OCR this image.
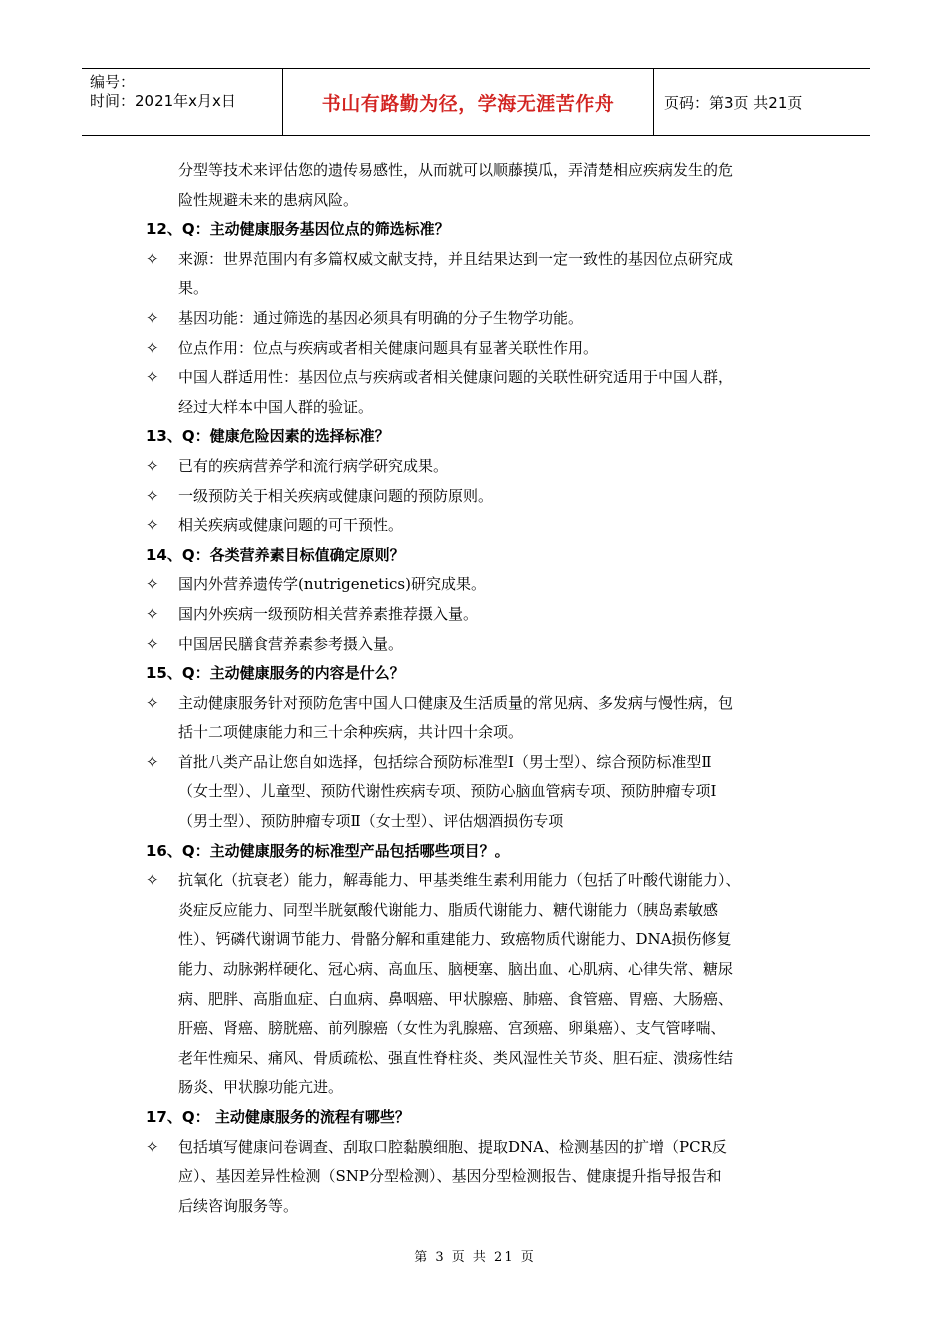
编号：
时间：2021年x月x日	书山有路勤为径，学海无涯苦作舟	页码：第3页 共21页
分型等技术来评估您的遗传易感性，从而就可以顺藤摸瓜，弄清楚相应疾病发生的危
险性规避未来的患病风险。
12、Q：主动健康服务基因位点的筛选标准？
✧	来源：世界范围内有多篇权威文献支持，并且结果达到一定一致性的基因位点研究成
果。
✧	基因功能：通过筛选的基因必须具有明确的分子生物学功能。
✧	位点作用：位点与疾病或者相关健康问题具有显著关联性作用。
✧	中国人群适用性：基因位点与疾病或者相关健康问题的关联性研究适用于中国人群，
经过大样本中国人群的验证。
13、Q：健康危险因素的选择标准？
✧	已有的疾病营养学和流行病学研究成果。
✧	一级预防关于相关疾病或健康问题的预防原则。
✧	相关疾病或健康问题的可干预性。
14、Q：各类营养素目标值确定原则？
✧	国内外营养遗传学(nutrigenetics)研究成果。
✧	国内外疾病一级预防相关营养素推荐摄入量。
✧	中国居民膳食营养素参考摄入量。
15、Q：主动健康服务的内容是什么？
✧	主动健康服务针对预防危害中国人口健康及生活质量的常见病、多发病与慢性病，包
括十二项健康能力和三十余种疾病，共计四十余项。
✧	首批八类产品让您自如选择，包括综合预防标准型Ⅰ（男士型）、综合预防标准型Ⅱ
（女士型）、儿童型、预防代谢性疾病专项、预防心脑血管病专项、预防肿瘤专项Ⅰ
（男士型）、预防肿瘤专项Ⅱ（女士型）、评估烟酒损伤专项
16、Q：主动健康服务的标准型产品包括哪些项目？。
✧	抗氧化（抗衰老）能力，解毒能力、甲基类维生素利用能力（包括了叶酸代谢能力）、
炎症反应能力、同型半胱氨酸代谢能力、脂质代谢能力、糖代谢能力（胰岛素敏感
性）、钙磷代谢调节能力、骨骼分解和重建能力、致癌物质代谢能力、DNA损伤修复
能力、动脉粥样硬化、冠心病、高血压、脑梗塞、脑出血、心肌病、心律失常、糖尿
病、肥胖、高脂血症、白血病、鼻咽癌、甲状腺癌、肺癌、食管癌、胃癌、大肠癌、
肝癌、肾癌、膀胱癌、前列腺癌（女性为乳腺癌、宫颈癌、卵巢癌）、支气管哮喘、
老年性痴呆、痛风、骨质疏松、强直性脊柱炎、类风湿性关节炎、胆石症、溃疡性结
肠炎、甲状腺功能亢进。
17、Q： 主动健康服务的流程有哪些？
✧	包括填写健康问卷调查、刮取口腔黏膜细胞、提取DNA、检测基因的扩增（PCR反
应）、基因差异性检测（SNP分型检测）、基因分型检测报告、健康提升指导报告和
后续咨询服务等。
第 3 页 共 21 页
